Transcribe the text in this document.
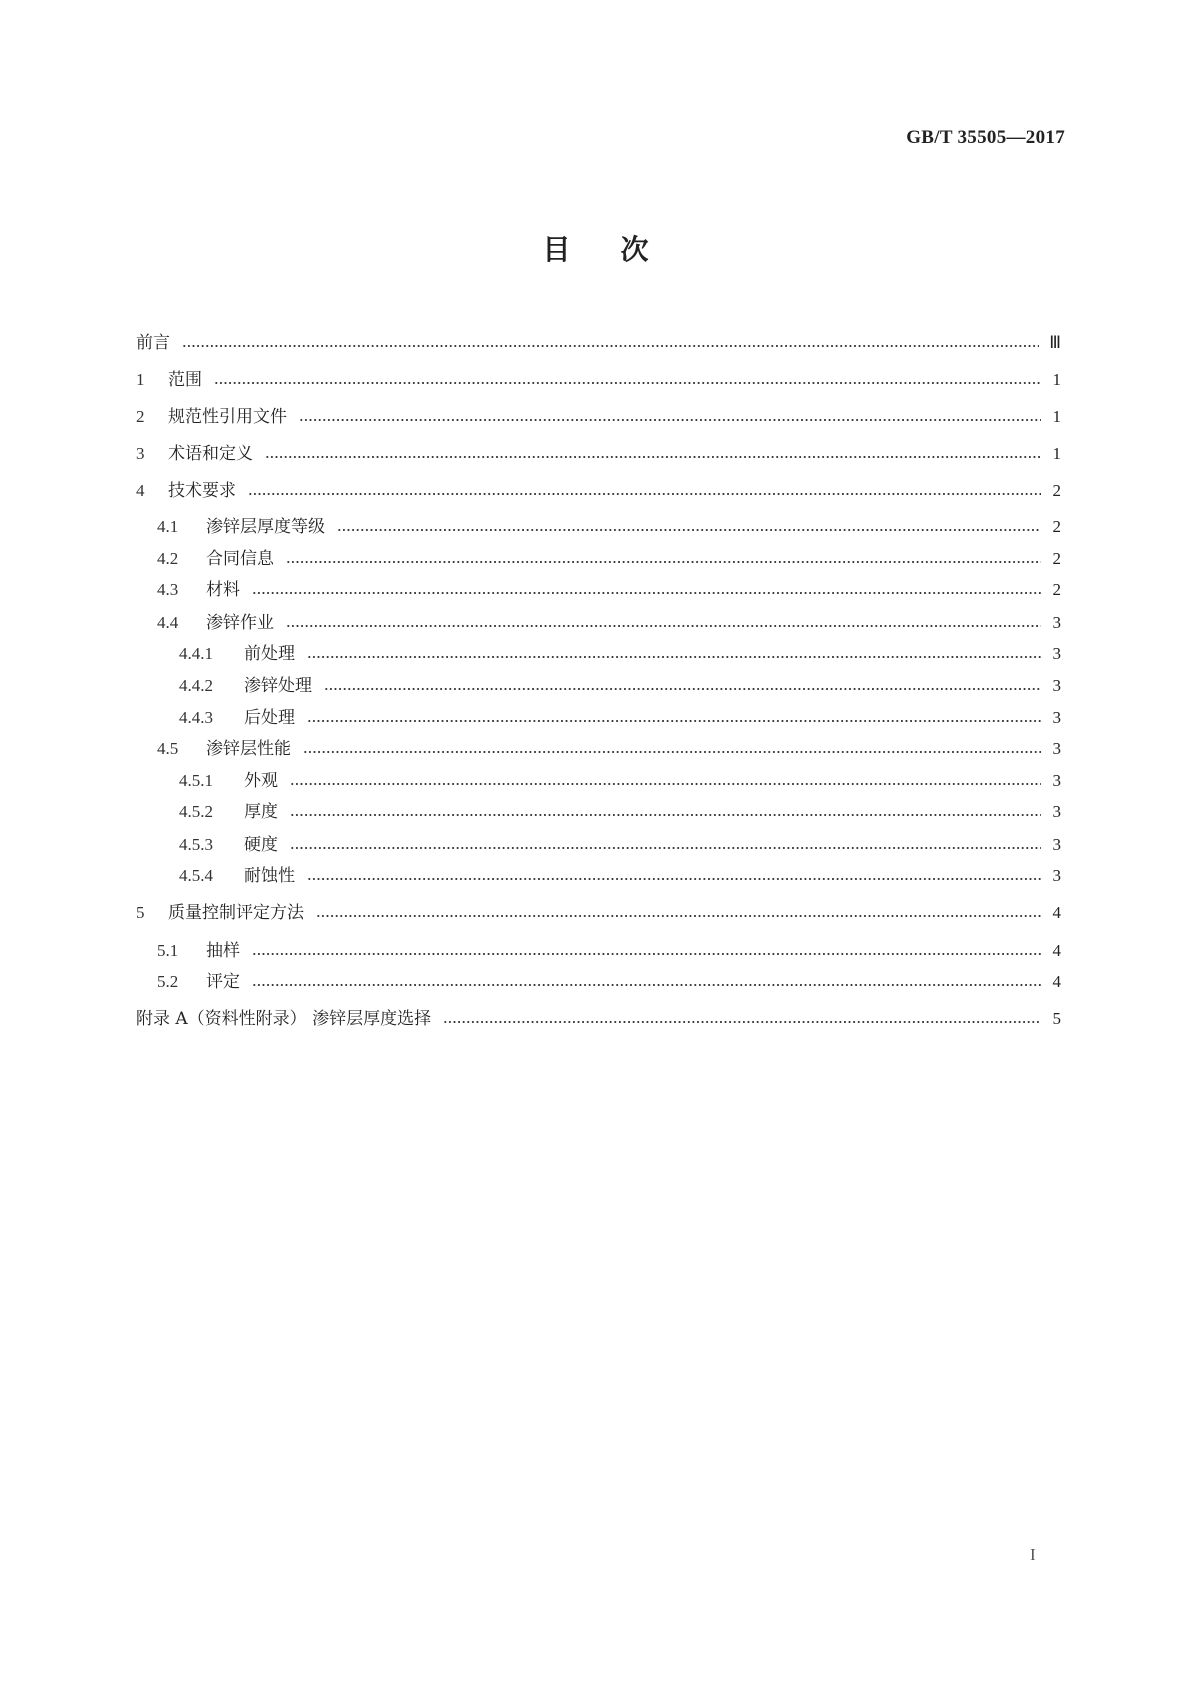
GB/T 35505—2017
目次
前言	Ⅲ
1	范围	1
2	规范性引用文件	1
3	术语和定义	1
4	技术要求	2
4.1	渗锌层厚度等级	2
4.2	合同信息	2
4.3	材料	2
4.4	渗锌作业	3
4.4.1	前处理	3
4.4.2	渗锌处理	3
4.4.3	后处理	3
4.5	渗锌层性能	3
4.5.1	外观	3
4.5.2	厚度	3
4.5.3	硬度	3
4.5.4	耐蚀性	3
5	质量控制评定方法	4
5.1	抽样	4
5.2	评定	4
附录 A（资料性附录） 渗锌层厚度选择	5
I
